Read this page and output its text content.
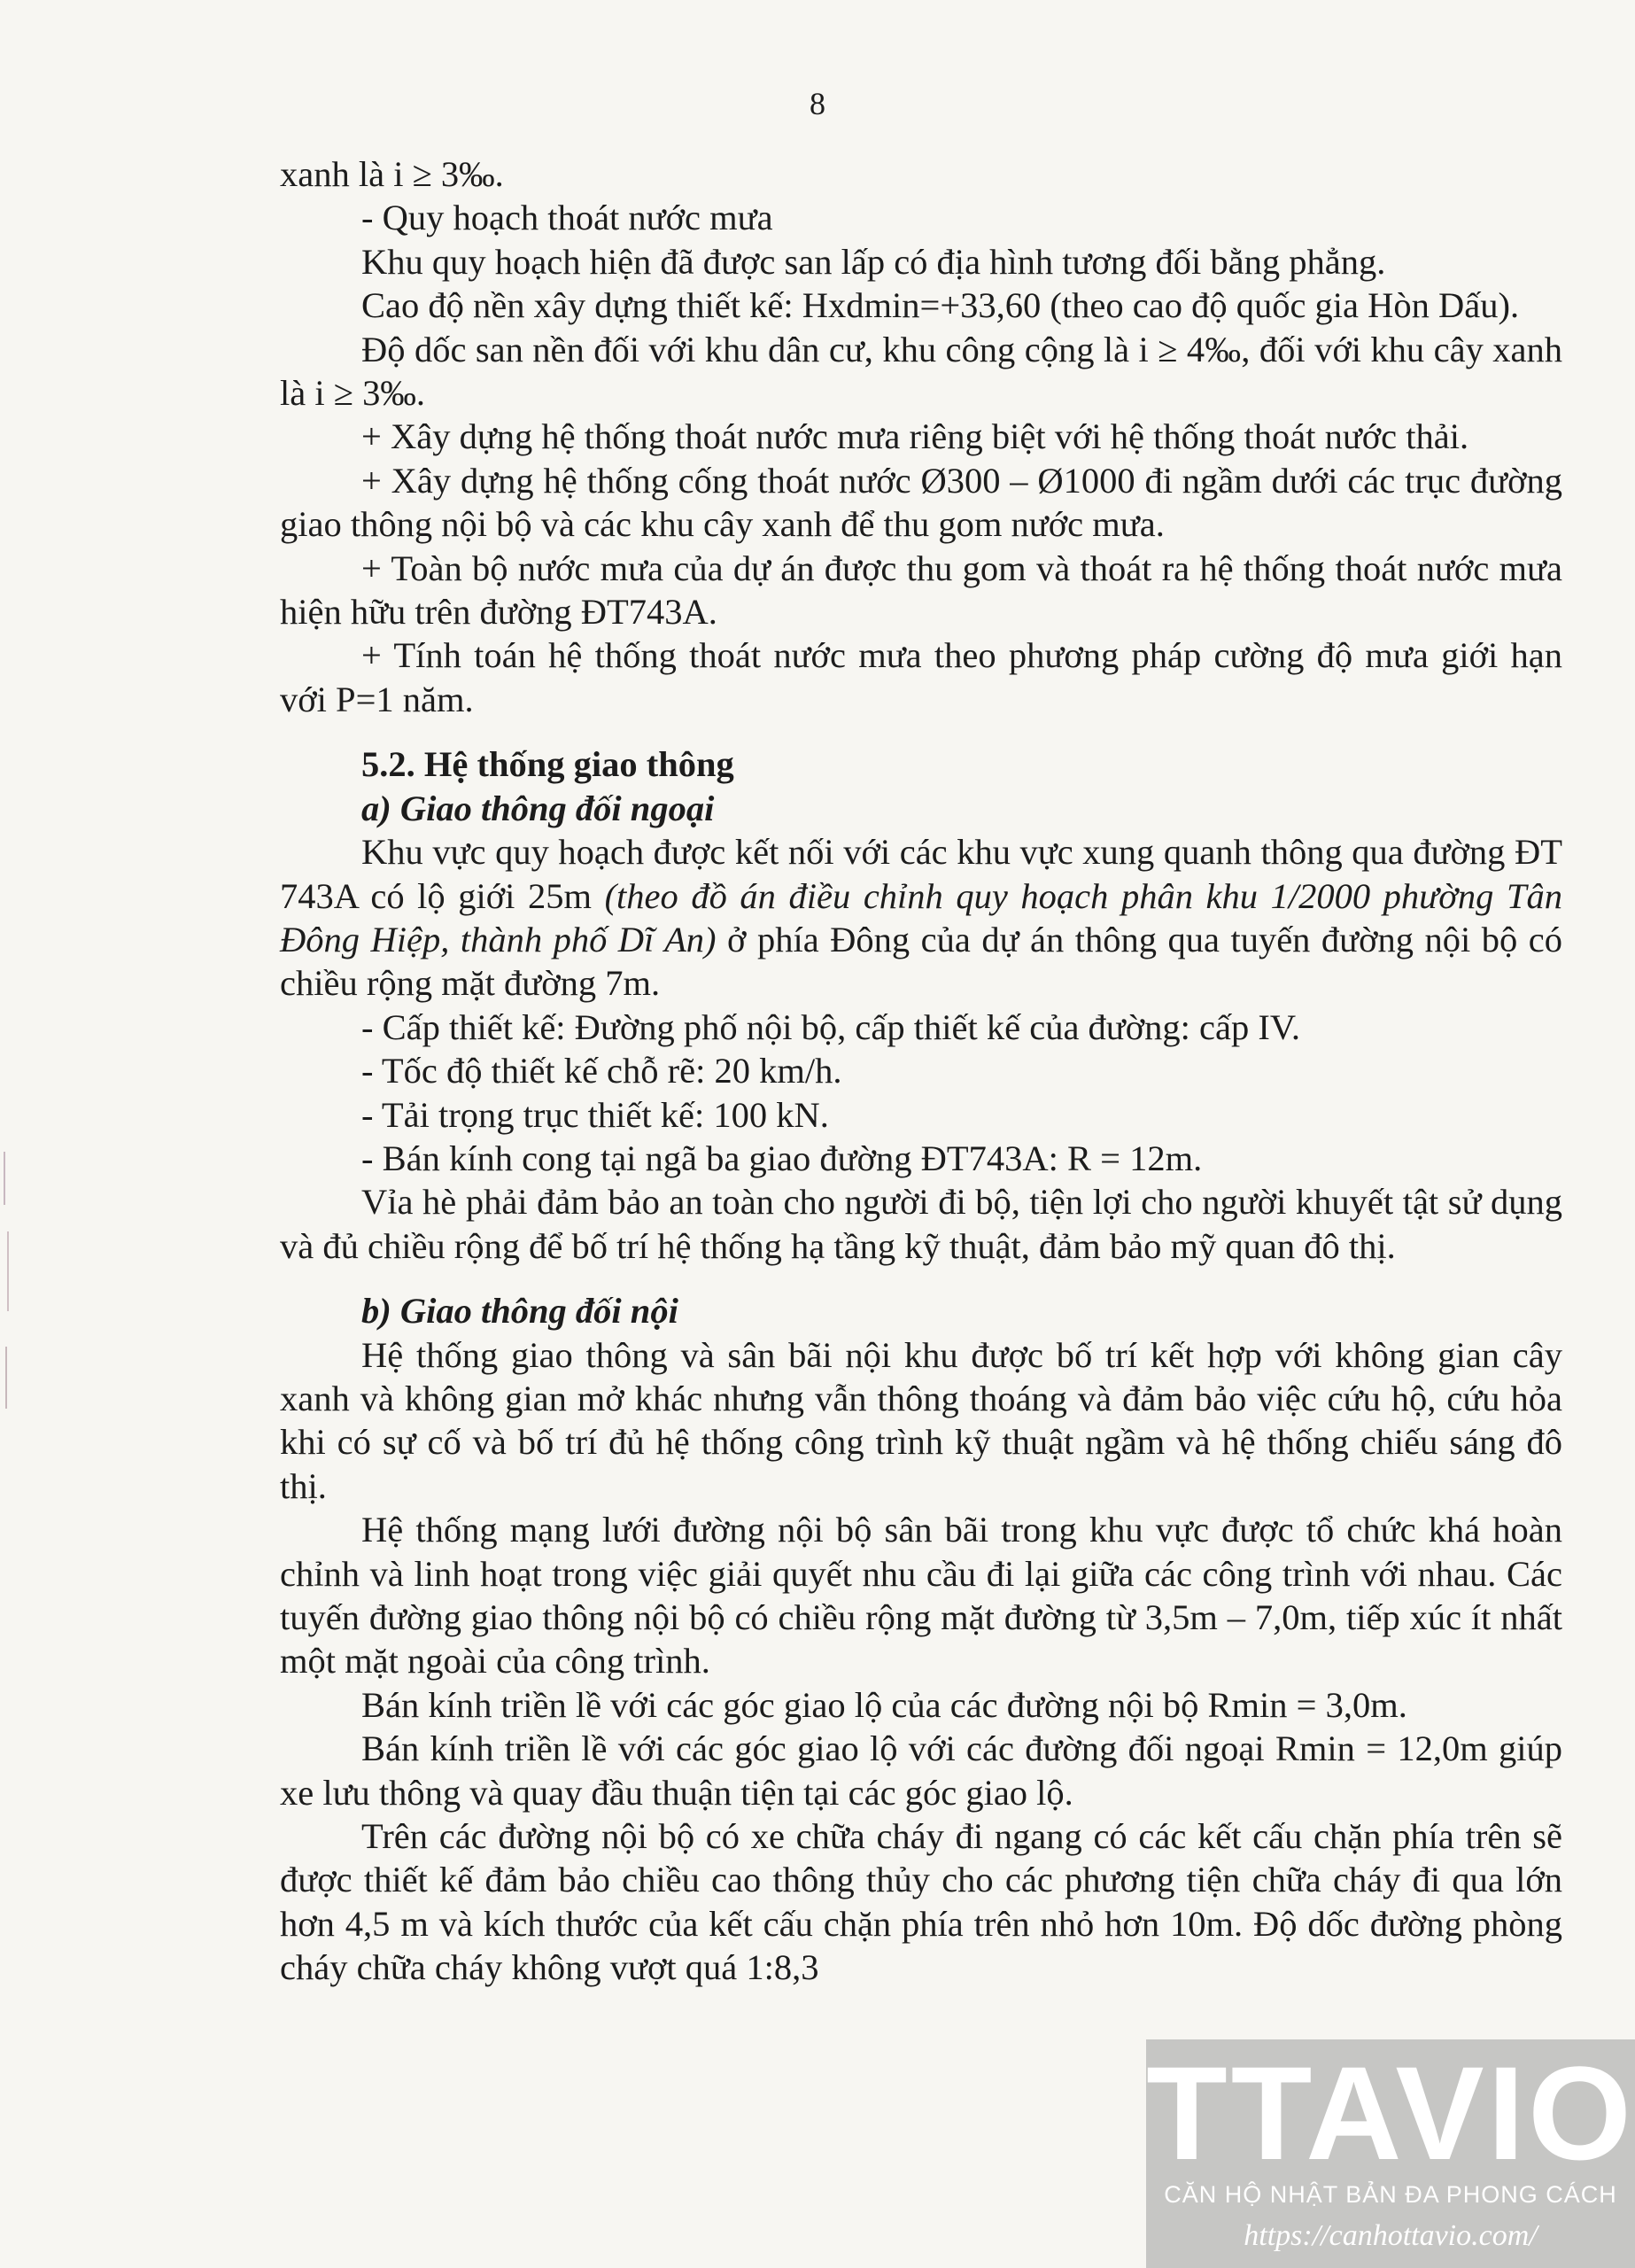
8

xanh là i ≥ 3‰.

- Quy hoạch thoát nước mưa

Khu quy hoạch hiện đã được san lấp có địa hình tương đối bằng phẳng.

Cao độ nền xây dựng thiết kế: Hxdmin=+33,60 (theo cao độ quốc gia Hòn Dấu).

Độ dốc san nền đối với khu dân cư, khu công cộng là i ≥ 4‰, đối với khu cây xanh là i ≥ 3‰.

+ Xây dựng hệ thống thoát nước mưa riêng biệt với hệ thống thoát nước thải.

+ Xây dựng hệ thống cống thoát nước Ø300 – Ø1000 đi ngầm dưới các trục đường giao thông nội bộ và các khu cây xanh để thu gom nước mưa.

+ Toàn bộ nước mưa của dự án được thu gom và thoát ra hệ thống thoát nước mưa hiện hữu trên đường ĐT743A.

+ Tính toán hệ thống thoát nước mưa theo phương pháp cường độ mưa giới hạn với P=1 năm.

5.2. Hệ thống giao thông

a) Giao thông đối ngoại

Khu vực quy hoạch được kết nối với các khu vực xung quanh thông qua đường ĐT 743A có lộ giới 25m (theo đồ án điều chỉnh quy hoạch phân khu 1/2000 phường Tân Đông Hiệp, thành phố Dĩ An) ở phía Đông của dự án thông qua tuyến đường nội bộ có chiều rộng mặt đường 7m.

- Cấp thiết kế: Đường phố nội bộ, cấp thiết kế của đường: cấp IV.

- Tốc độ thiết kế chỗ rẽ: 20 km/h.

- Tải trọng trục thiết kế: 100 kN.

- Bán kính cong tại ngã ba giao đường ĐT743A: R = 12m.

Vỉa hè phải đảm bảo an toàn cho người đi bộ, tiện lợi cho người khuyết tật sử dụng và đủ chiều rộng để bố trí hệ thống hạ tầng kỹ thuật, đảm bảo mỹ quan đô thị.

b) Giao thông đối nội

Hệ thống giao thông và sân bãi nội khu được bố trí kết hợp với không gian cây xanh và không gian mở khác nhưng vẫn thông thoáng và đảm bảo việc cứu hộ, cứu hỏa khi có sự cố và bố trí đủ hệ thống công trình kỹ thuật ngầm và hệ thống chiếu sáng đô thị.

Hệ thống mạng lưới đường nội bộ sân bãi trong khu vực được tổ chức khá hoàn chỉnh và linh hoạt trong việc giải quyết nhu cầu đi lại giữa các công trình với nhau. Các tuyến đường giao thông nội bộ có chiều rộng mặt đường từ 3,5m – 7,0m, tiếp xúc ít nhất một mặt ngoài của công trình.

Bán kính triền lề với các góc giao lộ của các đường nội bộ Rmin = 3,0m.

Bán kính triền lề với các góc giao lộ với các đường đối ngoại Rmin = 12,0m giúp xe lưu thông và quay đầu thuận tiện tại các góc giao lộ.

Trên các đường nội bộ có xe chữa cháy đi ngang có các kết cấu chặn phía trên sẽ được thiết kế đảm bảo chiều cao thông thủy cho các phương tiện chữa cháy đi qua lớn hơn 4,5 m và kích thước của kết cấu chặn phía trên nhỏ hơn 10m. Độ dốc đường phòng cháy chữa cháy không vượt quá 1:8,3

TTAVIO
CĂN HỘ NHẬT BẢN ĐA PHONG CÁCH
https://canhottavio.com/
